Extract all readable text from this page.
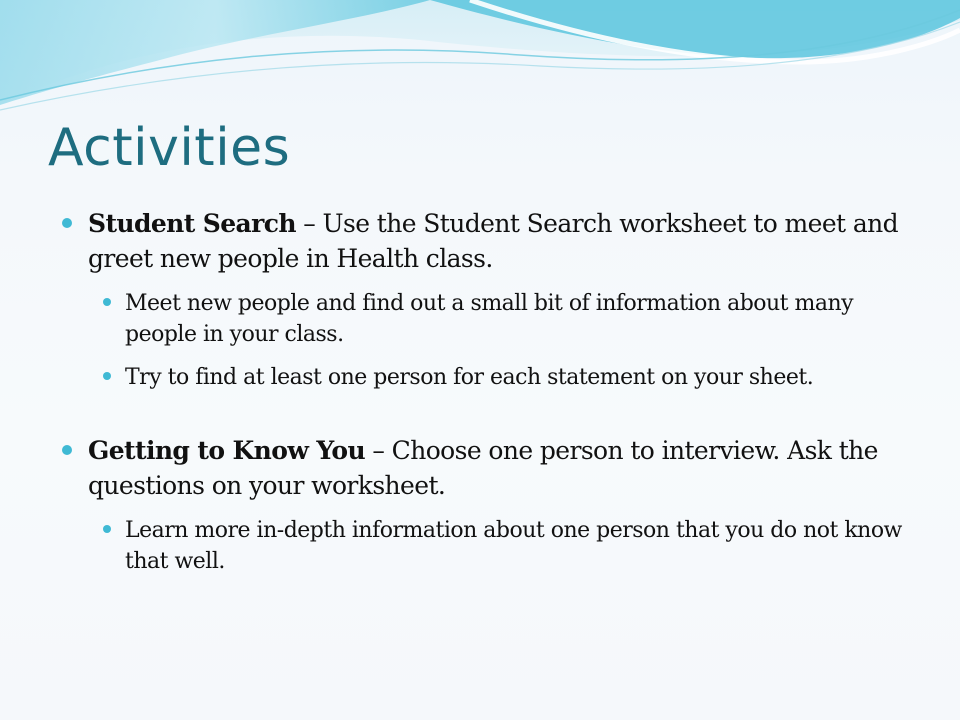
Activities
Student Search – Use the Student Search worksheet to meet and greet new people in Health class.
Meet new people and find out a small bit of information about many people in your class.
Try to find at least one person for each statement on your sheet.
Getting to Know You – Choose one person to interview. Ask the questions on your worksheet.
Learn more in-depth information about one person that you do not know that well.
